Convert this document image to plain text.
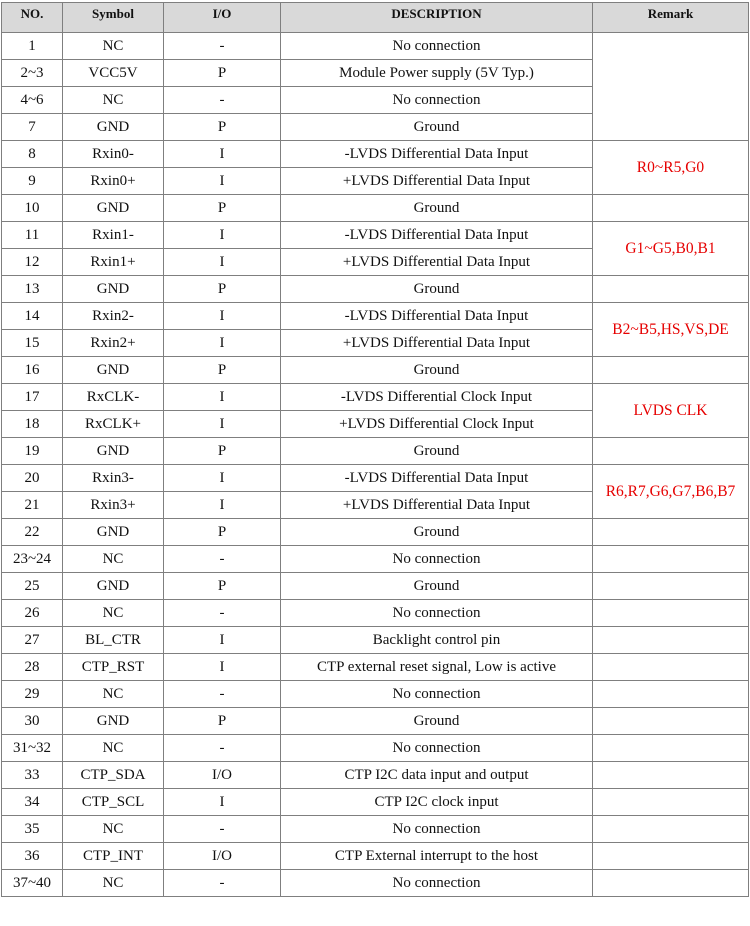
NO.	Symbol	I/O	DESCRIPTION	Remark
1	NC	-	No connection	
2~3	VCC5V	P	Module Power supply (5V Typ.)	
4~6	NC	-	No connection	
7	GND	P	Ground	
8	Rxin0-	I	-LVDS Differential Data Input	R0~R5,G0
9	Rxin0+	I	+LVDS Differential Data Input	
10	GND	P	Ground	
11	Rxin1-	I	-LVDS Differential Data Input	G1~G5,B0,B1
12	Rxin1+	I	+LVDS Differential Data Input	
13	GND	P	Ground	
14	Rxin2-	I	-LVDS Differential Data Input	B2~B5,HS,VS,DE
15	Rxin2+	I	+LVDS Differential Data Input	
16	GND	P	Ground	
17	RxCLK-	I	-LVDS Differential Clock Input	LVDS CLK
18	RxCLK+	I	+LVDS Differential Clock Input	
19	GND	P	Ground	
20	Rxin3-	I	-LVDS Differential Data Input	R6,R7,G6,G7,B6,B7
21	Rxin3+	I	+LVDS Differential Data Input	
22	GND	P	Ground	
23~24	NC	-	No connection	
25	GND	P	Ground	
26	NC	-	No connection	
27	BL_CTR	I	Backlight control pin	
28	CTP_RST	I	CTP external reset signal, Low is active	
29	NC	-	No connection	
30	GND	P	Ground	
31~32	NC	-	No connection	
33	CTP_SDA	I/O	CTP I2C data input and output	
34	CTP_SCL	I	CTP I2C clock input	
35	NC	-	No connection	
36	CTP_INT	I/O	CTP External interrupt to the host	
37~40	NC	-	No connection	
